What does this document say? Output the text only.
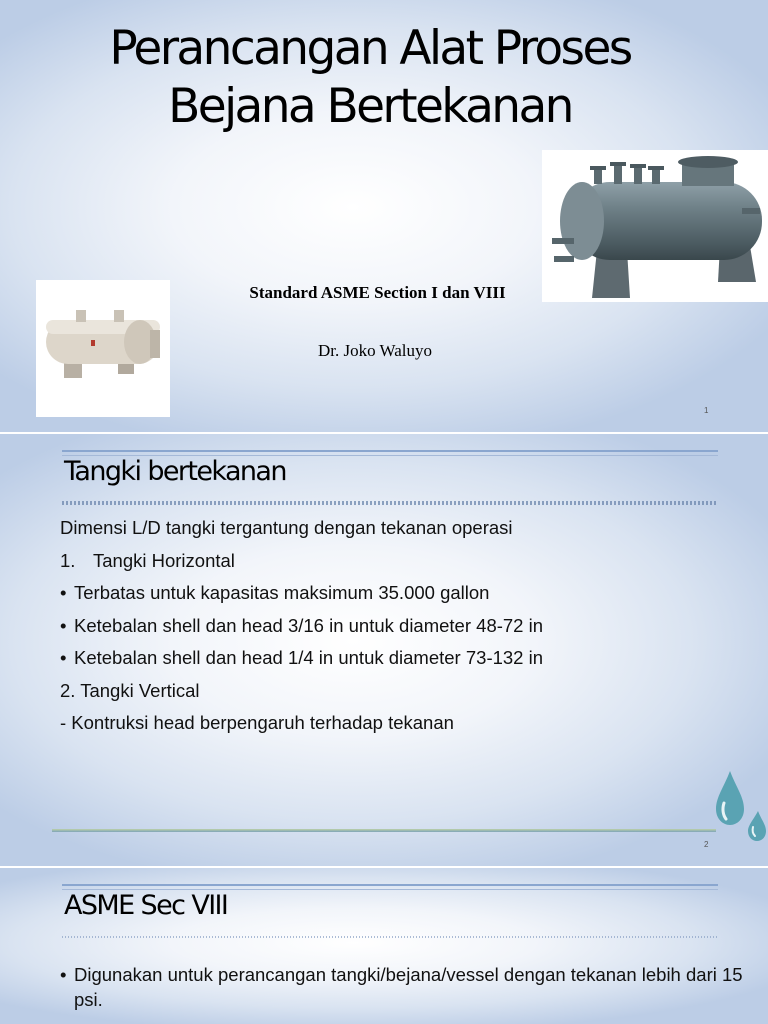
Perancangan Alat Proses
Bejana Bertekanan
Standard ASME Section I dan VIII
Dr. Joko Waluyo
1
Tangki bertekanan
Dimensi L/D tangki tergantung dengan tekanan operasi
1. Tangki Horizontal
• Terbatas untuk kapasitas maksimum 35.000 gallon
• Ketebalan shell dan head 3/16 in untuk diameter 48-72 in
• Ketebalan shell dan head 1/4 in untuk diameter 73-132 in
2. Tangki Vertical
- Kontruksi head berpengaruh terhadap tekanan
2
ASME Sec VIII
• Digunakan untuk perancangan tangki/bejana/vessel dengan tekanan lebih dari 15 psi.
